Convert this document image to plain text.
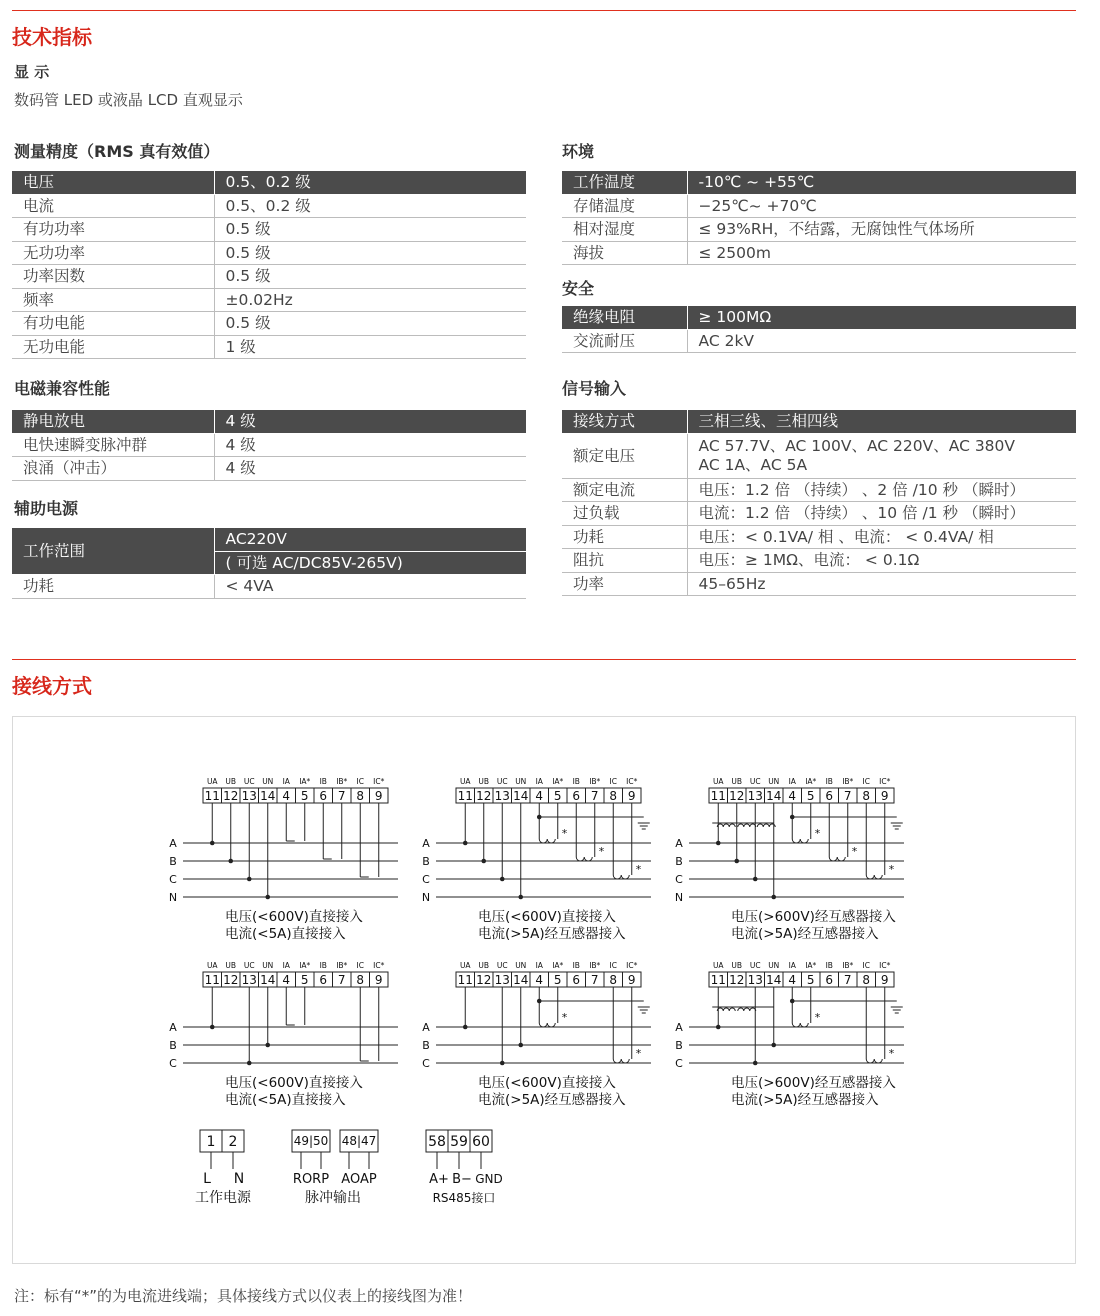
技术指标
显 示
数码管 LED 或液晶 LCD 直观显示
测量精度（RMS 真有效值）
电压	0.5、0.2 级
电流	0.5、0.2 级
有功功率	0.5 级
无功功率	0.5 级
功率因数	0.5 级
频率	±0.02Hz
有功电能	0.5 级
无功电能	1 级
电磁兼容性能
静电放电	4 级
电快速瞬变脉冲群	4 级
浪涌（冲击）	4 级
辅助电源
工作范围	AC220V
	( 可选 AC/DC85V-265V)
功耗	< 4VA
环境
工作温度	-10℃ ~ +55℃
存储温度	−25℃~ +70℃
相对湿度	≤ 93%RH，不结露，无腐蚀性气体场所
海拔	≤ 2500m
安全
绝缘电阻	≥ 100MΩ
交流耐压	AC 2kV
信号输入
接线方式	三相三线、三相四线
额定电压	AC 57.7V、AC 100V、AC 220V、AC 380V
AC 1A、AC 5A

额定电流	电压：1.2 倍 （持续） 、2 倍 /10 秒 （瞬时）
过负载	电流：1.2 倍 （持续） 、10 倍 /1 秒 （瞬时）
功耗	电压：< 0.1VA/ 相 、电流： < 0.4VA/ 相
阻抗	电压：≥ 1MΩ、电流： < 0.1Ω
功率	45–65Hz
接线方式
11
UA
12
UB
13
UC
14
UN
4
IA
5
IA*
6
IB
7
IB*
8
IC
9
IC*
A
B
C
N
电压(<600V)直接接入
电流(<5A)直接接入
11
UA
12
UB
13
UC
14
UN
4
IA
5
IA*
6
IB
7
IB*
8
IC
9
IC*
A
B
C
N
*
*
*
电压(<600V)直接接入
电流(>5A)经互感器接入
11
UA
12
UB
13
UC
14
UN
4
IA
5
IA*
6
IB
7
IB*
8
IC
9
IC*
A
B
C
N
*
*
*
电压(>600V)经互感器接入
电流(>5A)经互感器接入
11
UA
12
UB
13
UC
14
UN
4
IA
5
IA*
6
IB
7
IB*
8
IC
9
IC*
A
B
C
电压(<600V)直接接入
电流(<5A)直接接入
11
UA
12
UB
13
UC
14
UN
4
IA
5
IA*
6
IB
7
IB*
8
IC
9
IC*
A
B
C
*
*
电压(<600V)直接接入
电流(>5A)经互感器接入
11
UA
12
UB
13
UC
14
UN
4
IA
5
IA*
6
IB
7
IB*
8
IC
9
IC*
A
B
C
*
*
电压(>600V)经互感器接入
电流(>5A)经互感器接入
1 2
L N
工作电源
49|50 48|47
RORP AOAP
脉冲输出
58 59 60
A+ B− GND
RS485接口
注：标有“*”的为电流进线端；具体接线方式以仪表上的接线图为准！
